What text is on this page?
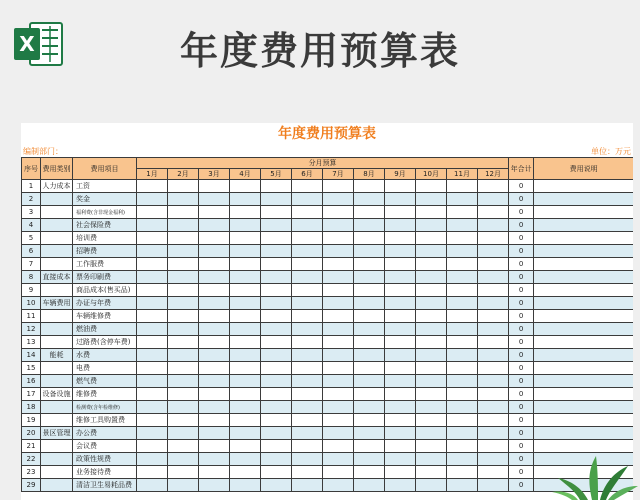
X	年度费用预算表
年度费用预算表
编制部门：	单位：万元
序号	费用类别	费用项目	分月预算												年合计	费用说明
			1月	2月	3月	4月	5月	6月	7月	8月	9月	10月	11月	12月		
1	人力成本	工资													0	
2		奖金													0	
3		福利费(含非现金福利)													0	
4		社会保险费													0	
5		培训费													0	
6		招聘费													0	
7		工作服费													0	
8	直接成本	票务印刷费													0	
9		商品成本(售买品)													0	
10	车辆费用	办证与年费													0	
11		车辆维修费													0	
12		燃油费													0	
13		过路费(含停车费)													0	
14	能耗	水费													0	
15		电费													0	
16		燃气费													0	
17	设备设施	维修费													0	
18		检测费(含年检维修)													0	
19		维修工具购置费													0	
20	景区管理	办公费													0	
21		会议费													0	
22		政策性规费													0	
23		业务接待费													0	
29		清洁卫生易耗品费													0	
